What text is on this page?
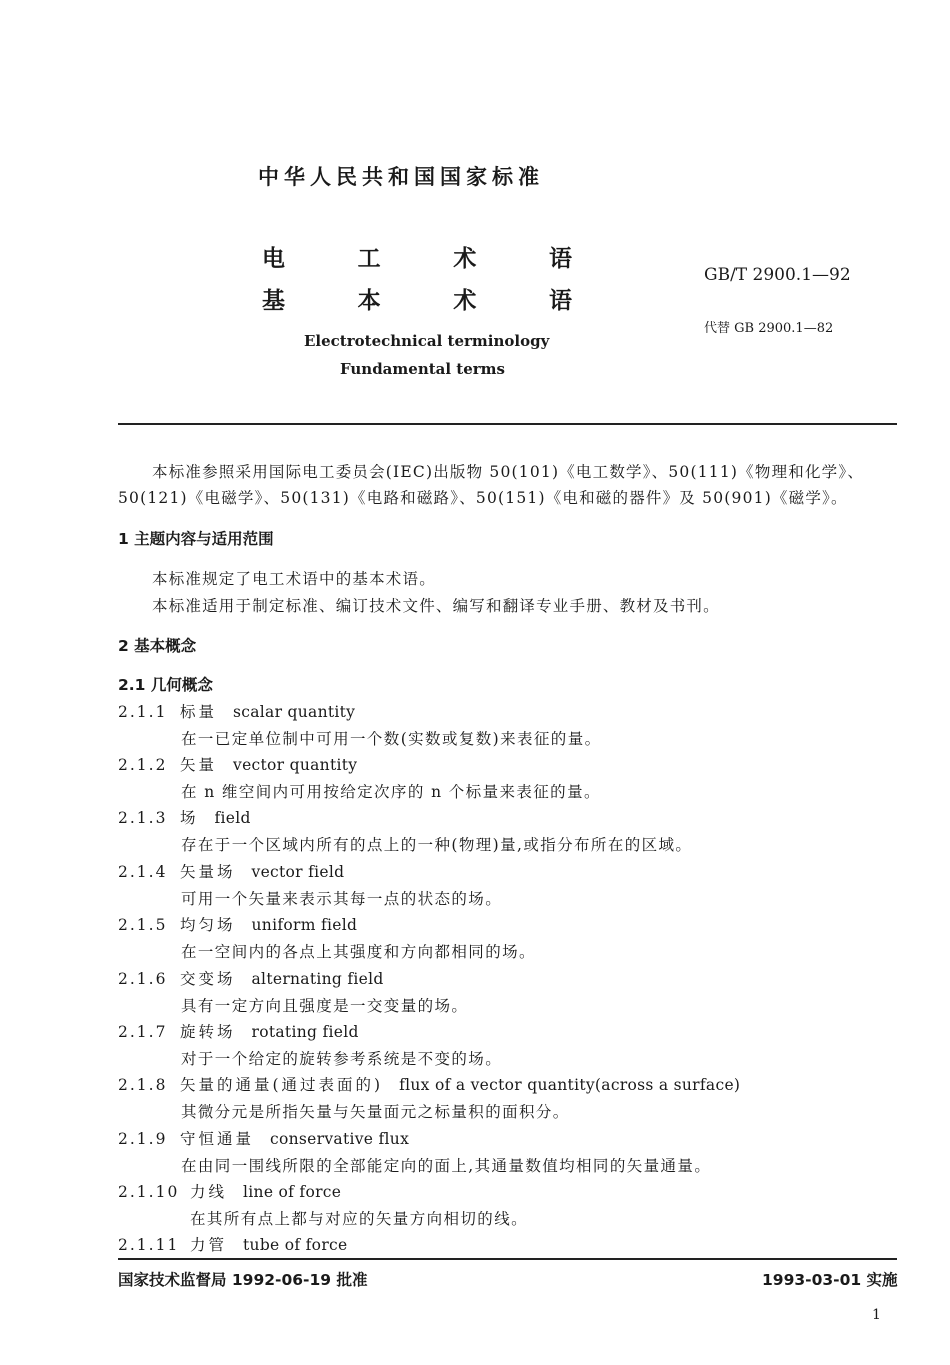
中华人民共和国国家标准
电	工	术	语
基	本	术	语
Electrotechnical terminology
Fundamental terms
GB/T 2900.1—92
代替 GB 2900.1—82
本标准参照采用国际电工委员会(IEC)出版物 50(101)《电工数学》、50(111)《物理和化学》、
50(121)《电磁学》、50(131)《电路和磁路》、50(151)《电和磁的器件》及 50(901)《磁学》。
1 主题内容与适用范围
本标准规定了电工术语中的基本术语。
本标准适用于制定标准、编订技术文件、编写和翻译专业手册、教材及书刊。
2 基本概念
2.1 几何概念
2.1.1 标量 scalar quantity
在一已定单位制中可用一个数(实数或复数)来表征的量。
2.1.2 矢量 vector quantity
在 n 维空间内可用按给定次序的 n 个标量来表征的量。
2.1.3 场 field
存在于一个区域内所有的点上的一种(物理)量,或指分布所在的区域。
2.1.4 矢量场 vector field
可用一个矢量来表示其每一点的状态的场。
2.1.5 均匀场 uniform field
在一空间内的各点上其强度和方向都相同的场。
2.1.6 交变场 alternating field
具有一定方向且强度是一交变量的场。
2.1.7 旋转场 rotating field
对于一个给定的旋转参考系统是不变的场。
2.1.8 矢量的通量(通过表面的) flux of a vector quantity(across a surface)
其微分元是所指矢量与矢量面元之标量积的面积分。
2.1.9 守恒通量 conservative flux
在由同一围线所限的全部能定向的面上,其通量数值均相同的矢量通量。
2.1.10 力线 line of force
在其所有点上都与对应的矢量方向相切的线。
2.1.11 力管 tube of force
国家技术监督局 1992-06-19 批准	1993-03-01 实施
1
